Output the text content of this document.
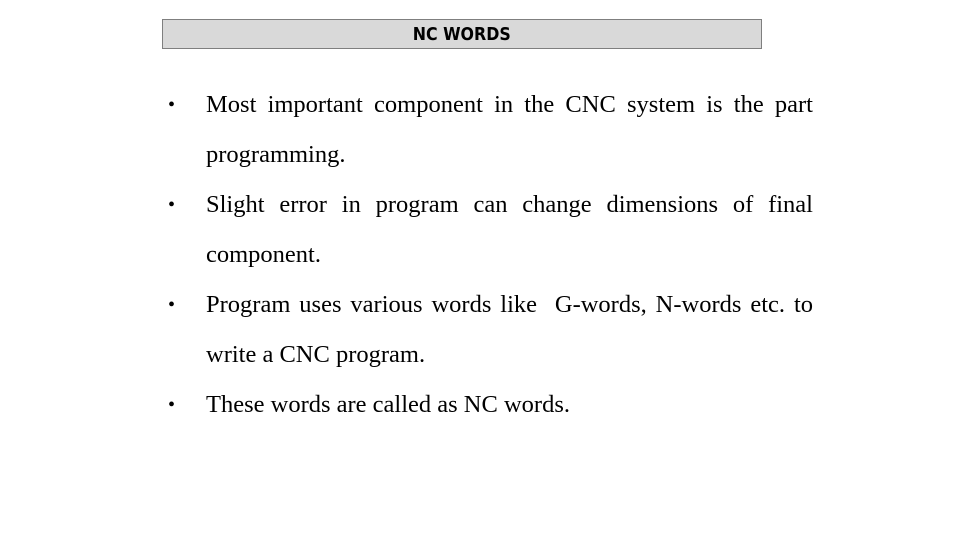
NC WORDS
• Most important component in the CNC system is the part programming.
• Slight error in program can change dimensions of final component.
• Program uses various words like  G-words, N-words etc. to write a CNC program.
• These words are called as NC words.
